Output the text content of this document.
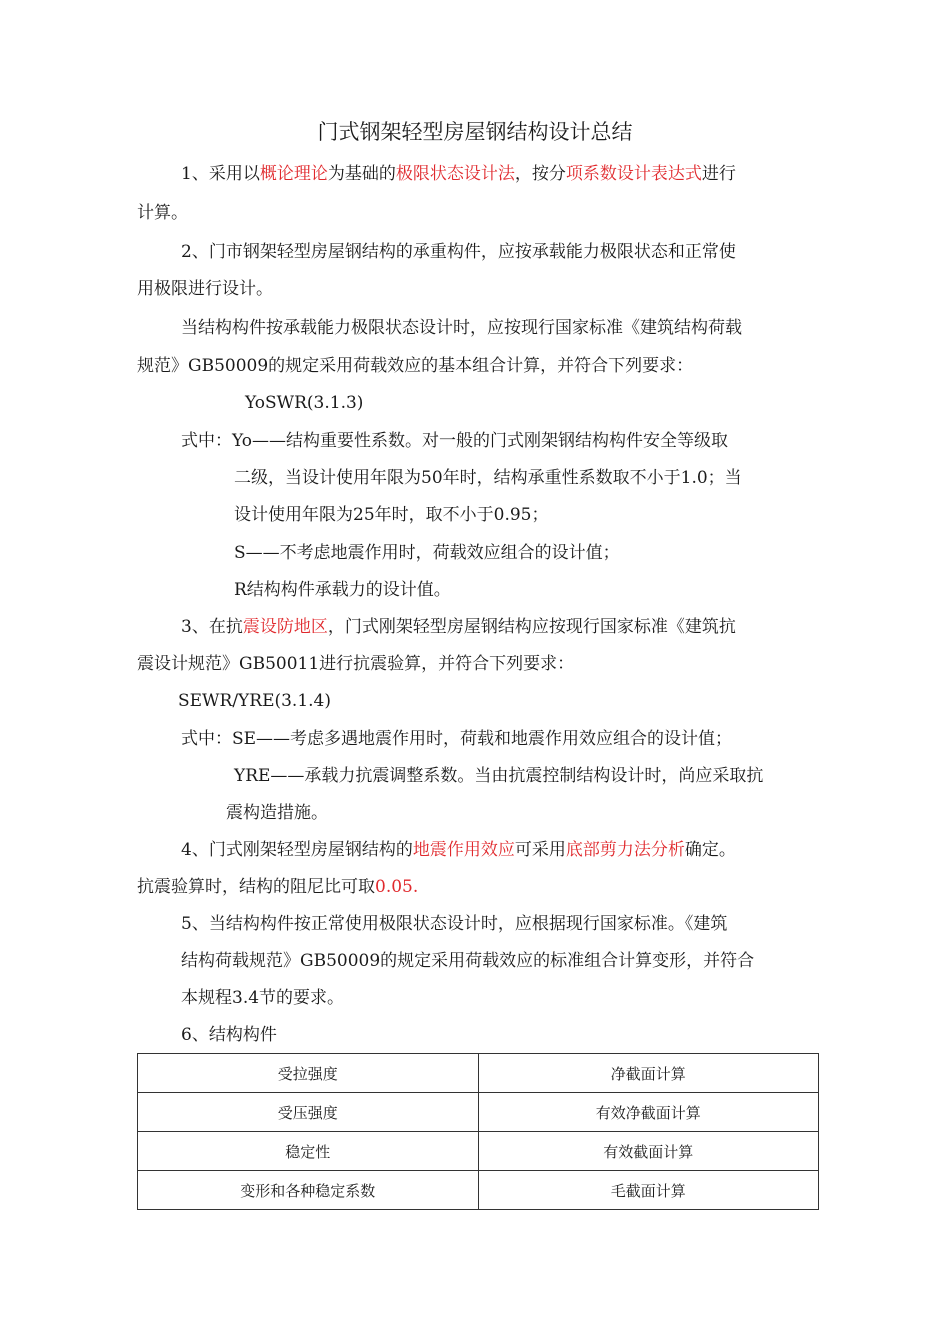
门式钢架轻型房屋钢结构设计总结
1、采用以概论理论为基础的极限状态设计法，按分项系数设计表达式进行
计算。
2、门市钢架轻型房屋钢结构的承重构件，应按承载能力极限状态和正常使
用极限进行设计。
当结构构件按承载能力极限状态设计时，应按现行国家标准《建筑结构荷载
规范》GB50009的规定采用荷载效应的基本组合计算，并符合下列要求：
YoSWR(3.1.3)
式中：Yo——结构重要性系数。对一般的门式刚架钢结构构件安全等级取
二级，当设计使用年限为50年时，结构承重性系数取不小于1.0；当
设计使用年限为25年时，取不小于0.95；
S——不考虑地震作用时，荷载效应组合的设计值；
R结构构件承载力的设计值。
3、在抗震设防地区，门式刚架轻型房屋钢结构应按现行国家标准《建筑抗
震设计规范》GB50011进行抗震验算，并符合下列要求：
SEWR/YRE(3.1.4)
式中：SE——考虑多遇地震作用时，荷载和地震作用效应组合的设计值；
YRE——承载力抗震调整系数。当由抗震控制结构设计时，尚应采取抗
震构造措施。
4、门式刚架轻型房屋钢结构的地震作用效应可采用底部剪力法分析确定。
抗震验算时，结构的阻尼比可取0.05.
5、当结构构件按正常使用极限状态设计时，应根据现行国家标准。《建筑
结构荷载规范》GB50009的规定采用荷载效应的标准组合计算变形，并符合
本规程3.4节的要求。
6、结构构件
受拉强度	净截面计算
受压强度	有效净截面计算
稳定性	有效截面计算
变形和各种稳定系数	毛截面计算
